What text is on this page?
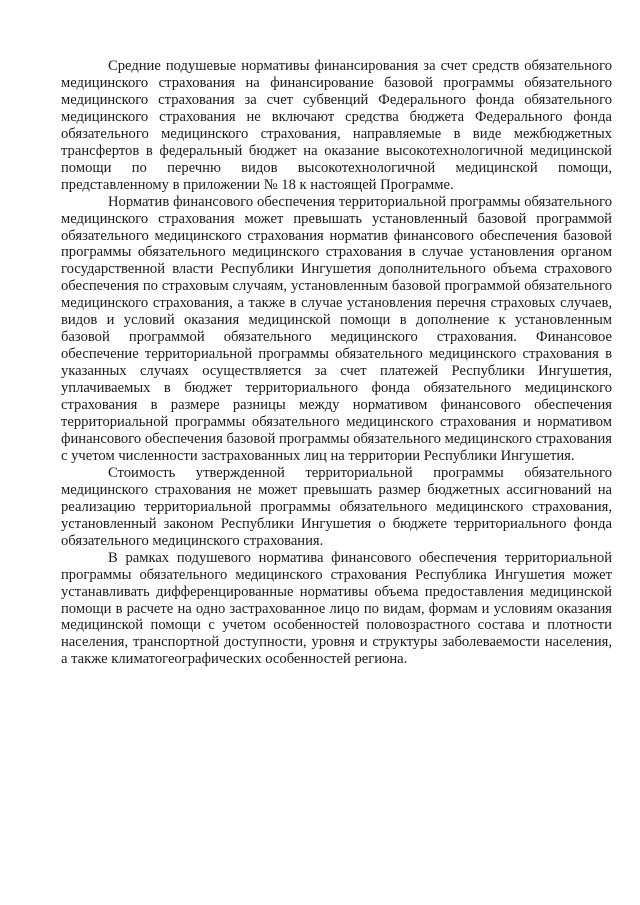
Средние подушевые нормативы финансирования за счет средств обязательного медицинского страхования на финансирование базовой программы обязательного медицинского страхования за счет субвенций Федерального фонда обязательного медицинского страхования не включают средства бюджета Федерального фонда обязательного медицинского страхования, направляемые в виде межбюджетных трансфертов в федеральный бюджет на оказание высокотехнологичной медицинской помощи по перечню видов высокотехнологичной медицинской помощи, представленному в приложении № 18 к настоящей Программе.

Норматив финансового обеспечения территориальной программы обязательного медицинского страхования может превышать установленный базовой программой обязательного медицинского страхования норматив финансового обеспечения базовой программы обязательного медицинского страхования в случае установления органом государственной власти Республики Ингушетия дополнительного объема страхового обеспечения по страховым случаям, установленным базовой программой обязательного медицинского страхования, а также в случае установления перечня страховых случаев, видов и условий оказания медицинской помощи в дополнение к установленным базовой программой обязательного медицинского страхования. Финансовое обеспечение территориальной программы обязательного медицинского страхования в указанных случаях осуществляется за счет платежей Республики Ингушетия, уплачиваемых в бюджет территориального фонда обязательного медицинского страхования в размере разницы между нормативом финансового обеспечения территориальной программы обязательного медицинского страхования и нормативом финансового обеспечения базовой программы обязательного медицинского страхования с учетом численности застрахованных лиц на территории Республики Ингушетия.

Стоимость утвержденной территориальной программы обязательного медицинского страхования не может превышать размер бюджетных ассигнований на реализацию территориальной программы обязательного медицинского страхования, установленный законом Республики Ингушетия о бюджете территориального фонда обязательного медицинского страхования.

В рамках подушевого норматива финансового обеспечения территориальной программы обязательного медицинского страхования Республика Ингушетия может устанавливать дифференцированные нормативы объема предоставления медицинской помощи в расчете на одно застрахованное лицо по видам, формам и условиям оказания медицинской помощи с учетом особенностей половозрастного состава и плотности населения, транспортной доступности, уровня и структуры заболеваемости населения, а также климатогеографических особенностей региона.
